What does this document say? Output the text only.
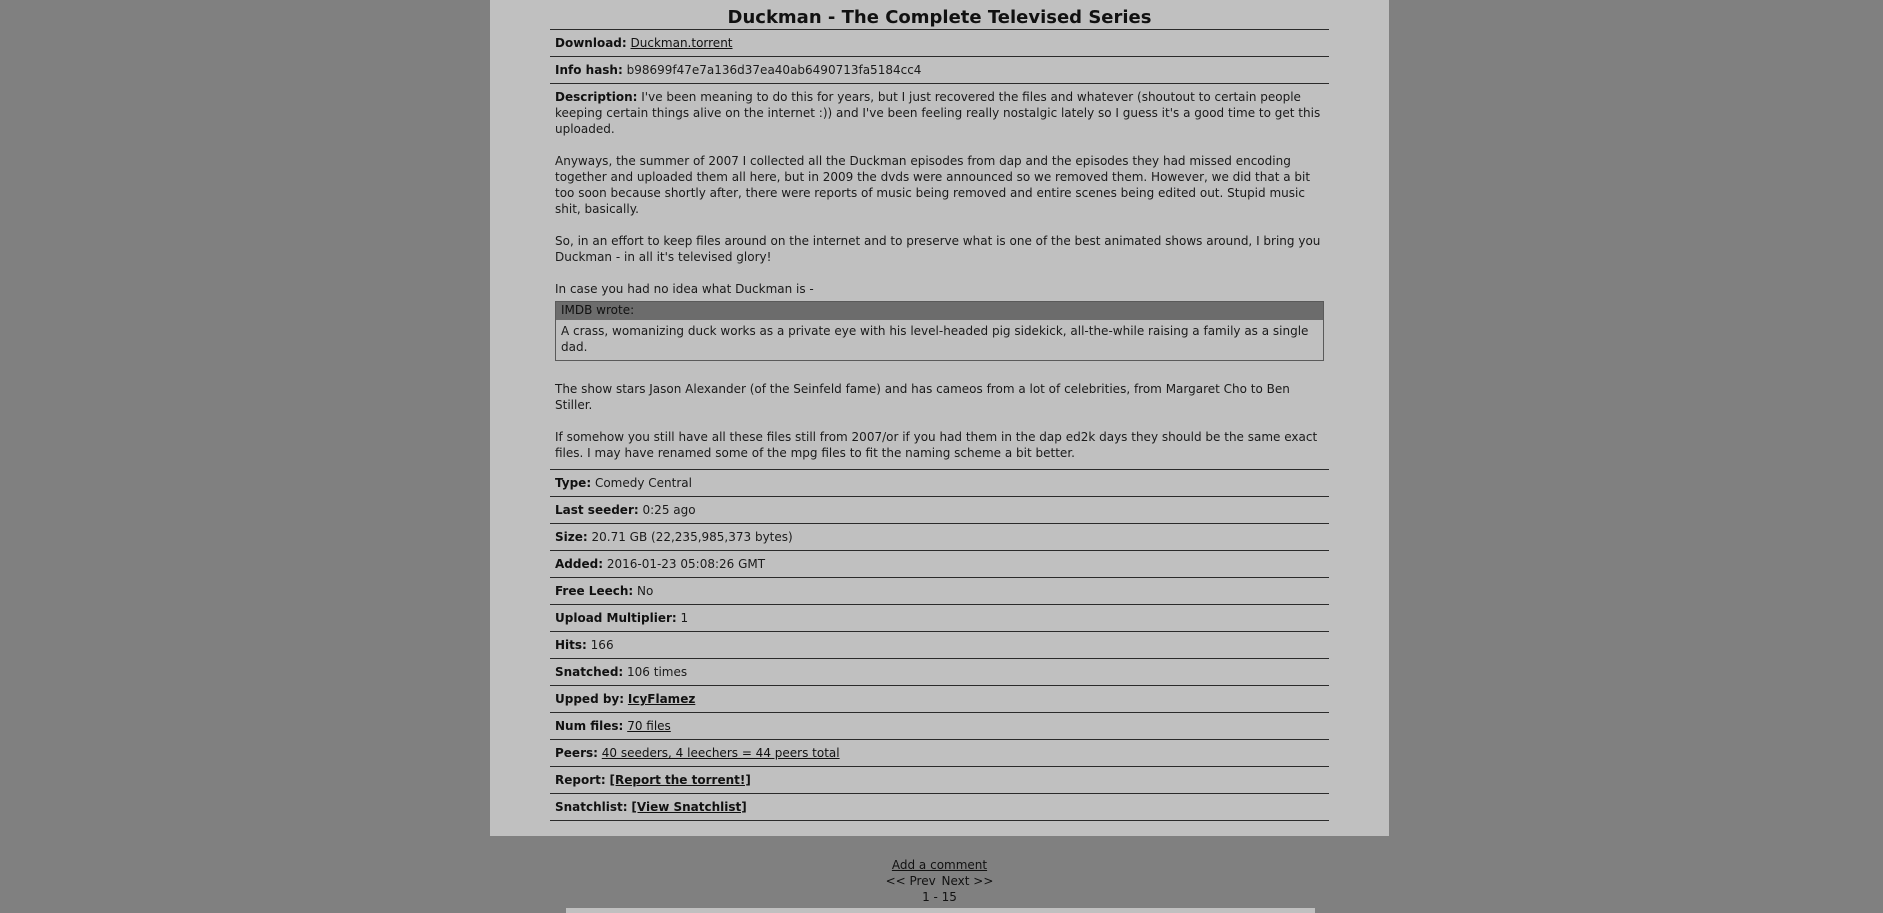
Duckman - The Complete Televised Series
Download: Duckman.torrent
Info hash: b98699f47e7a136d37ea40ab6490713fa5184cc4

Description: I've been meaning to do this for years, but I just recovered the files and whatever (shoutout to certain people keeping certain things alive on the internet :)) and I've been feeling really nostalgic lately so I guess it's a good time to get this uploaded.

Anyways, the summer of 2007 I collected all the Duckman episodes from dap and the episodes they had missed encoding together and uploaded them all here, but in 2009 the dvds were announced so we removed them. However, we did that a bit too soon because shortly after, there were reports of music being removed and entire scenes being edited out. Stupid music shit, basically.

So, in an effort to keep files around on the internet and to preserve what is one of the best animated shows around, I bring you Duckman - in all it's televised glory!

In case you had no idea what Duckman is -

IMDB wrote:
A crass, womanizing duck works as a private eye with his level-headed pig sidekick, all-the-while raising a family as a single dad.

The show stars Jason Alexander (of the Seinfeld fame) and has cameos from a lot of celebrities, from Margaret Cho to Ben Stiller.

If somehow you still have all these files still from 2007/or if you had them in the dap ed2k days they should be the same exact files. I may have renamed some of the mpg files to fit the naming scheme a bit better.

Type: Comedy Central
Last seeder: 0:25 ago
Size: 20.71 GB (22,235,985,373 bytes)
Added: 2016-01-23 05:08:26 GMT
Free Leech: No
Upload Multiplier: 1
Hits: 166
Snatched: 106 times
Upped by: IcyFlamez
Num files: 70 files
Peers: 40 seeders, 4 leechers = 44 peers total
Report: [Report the torrent!]
Snatchlist: [View Snatchlist]
Add a comment
<< Prev Next >>
1 - 15
